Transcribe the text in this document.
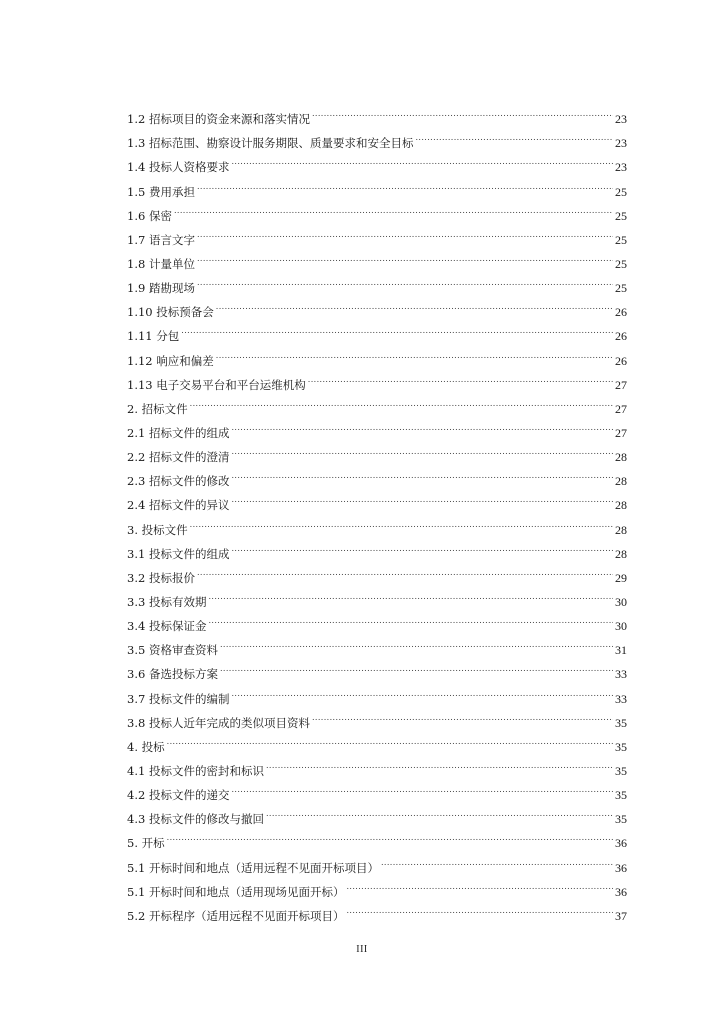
1.2 招标项目的资金来源和落实情况 .....	23
1.3 招标范围、勘察设计服务期限、质量要求和安全目标 .....	23
1.4 投标人资格要求 .....	23
1.5 费用承担 .....	25
1.6 保密 .....	25
1.7 语言文字 .....	25
1.8 计量单位 .....	25
1.9 踏勘现场 .....	25
1.10 投标预备会 .....	26
1.11 分包 .....	26
1.12 响应和偏差 .....	26
1.13 电子交易平台和平台运维机构 .....	27
2. 招标文件 .....	27
2.1 招标文件的组成 .....	27
2.2 招标文件的澄清 .....	28
2.3 招标文件的修改 .....	28
2.4 招标文件的异议 .....	28
3. 投标文件 .....	28
3.1 投标文件的组成 .....	28
3.2 投标报价 .....	29
3.3 投标有效期 .....	30
3.4 投标保证金 .....	30
3.5 资格审查资料 .....	31
3.6 备选投标方案 .....	33
3.7 投标文件的编制 .....	33
3.8 投标人近年完成的类似项目资料 .....	35
4. 投标 .....	35
4.1 投标文件的密封和标识 .....	35
4.2 投标文件的递交 .....	35
4.3 投标文件的修改与撤回 .....	35
5. 开标 .....	36
5.1 开标时间和地点（适用远程不见面开标项目） .....	36
5.1 开标时间和地点（适用现场见面开标） .....	36
5.2 开标程序（适用远程不见面开标项目） .....	37
III
